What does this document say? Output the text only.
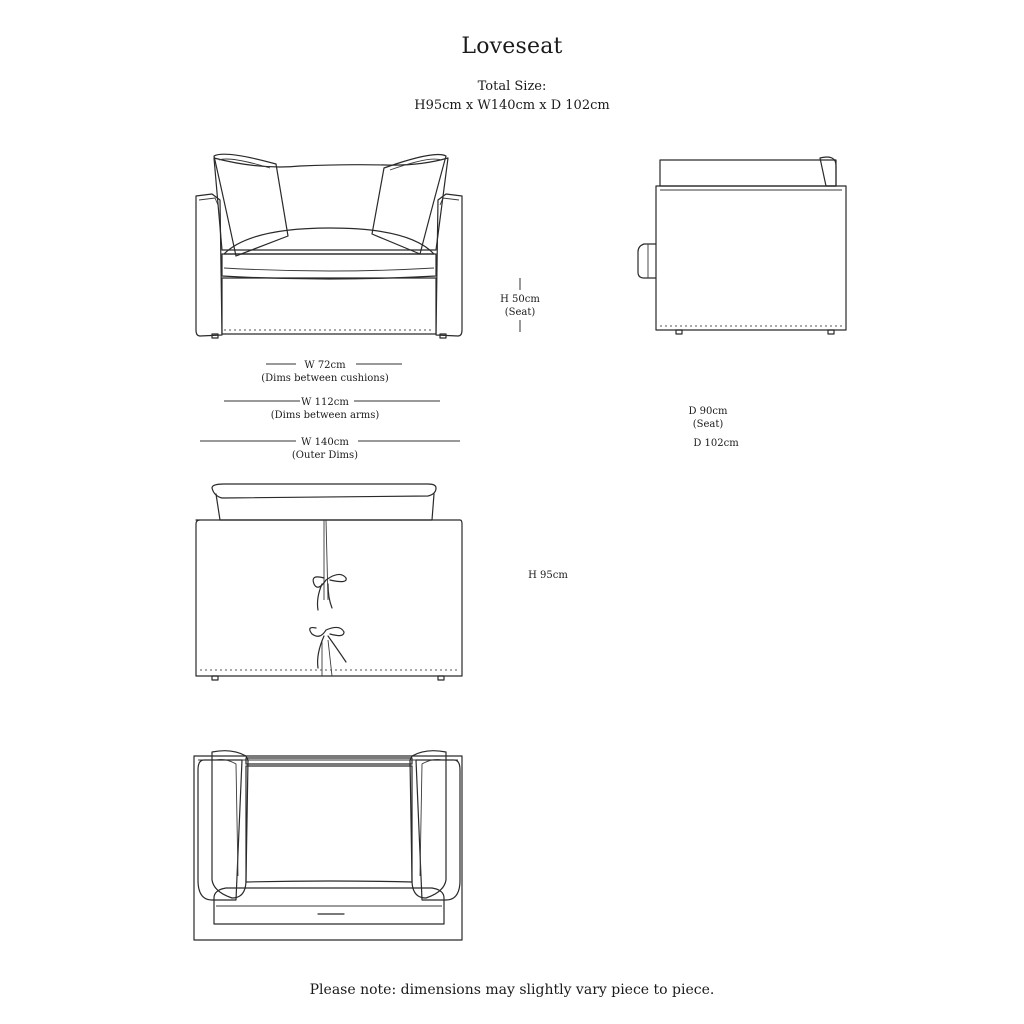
Loveseat
Total Size:
H95cm x W140cm x D 102cm
H 50cm
(Seat)
W 72cm
(Dims between cushions)
W 112cm
(Dims between arms)
W 140cm
(Outer Dims)
D 90cm
(Seat)
D 102cm
H 95cm
Please note: dimensions may slightly vary piece to piece.
